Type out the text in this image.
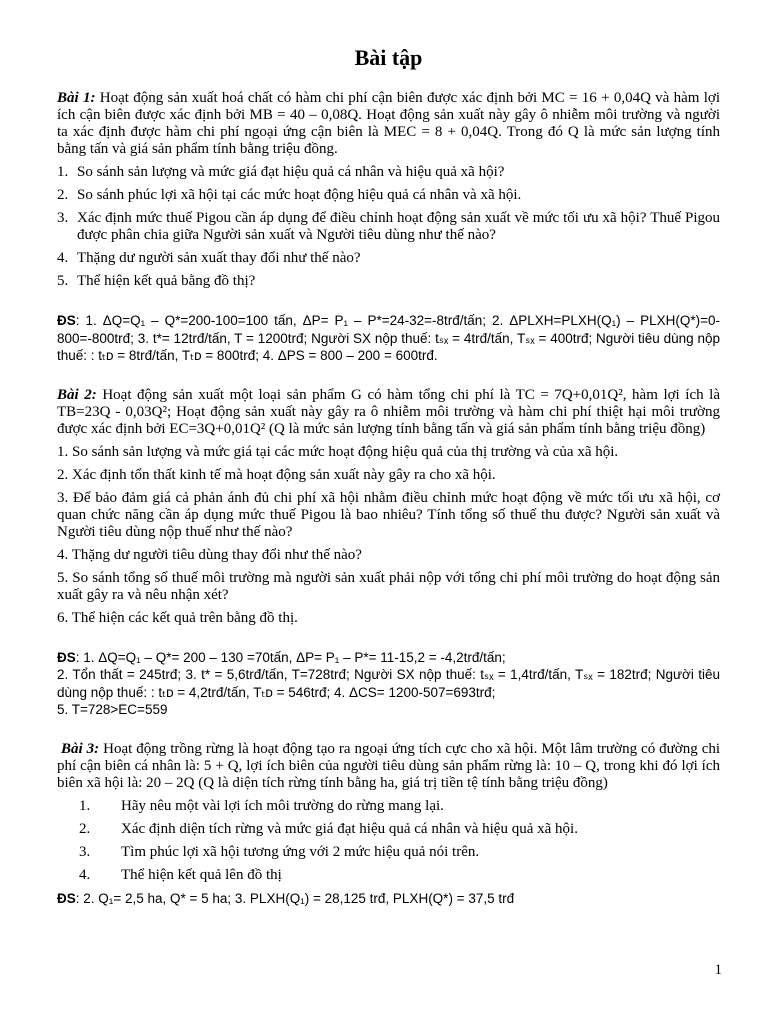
Bài tập

Bài 1: Hoạt động sản xuất hoá chất có hàm chi phí cận biên được xác định bởi MC = 16 + 0,04Q và hàm lợi ích cận biên được xác định bởi MB = 40 – 0,08Q. Hoạt động sản xuất này gây ô nhiễm môi trường và người ta xác định được hàm chi phí ngoại ứng cận biên là MEC = 8 + 0,04Q. Trong đó Q là mức sản lượng tính bằng tấn và giá sản phẩm tính bằng triệu đồng.

1. So sánh sản lượng và mức giá đạt hiệu quả cá nhân và hiệu quả xã hội?
2. So sánh phúc lợi xã hội tại các mức hoạt động hiệu quả cá nhân và xã hội.
3. Xác định mức thuế Pigou cần áp dụng để điều chỉnh hoạt động sản xuất về mức tối ưu xã hội? Thuế Pigou được phân chia giữa Người sản xuất và Người tiêu dùng như thế nào?
4. Thặng dư người sản xuất thay đổi như thế nào?
5. Thể hiện kết quả bằng đồ thị?

ĐS: 1. ΔQ=Q₁ – Q*=200-100=100 tấn, ΔP= P₁ – P*=24-32=-8trđ/tấn; 2. ΔPLXH=PLXH(Q₁) – PLXH(Q*)=0-800=-800trđ; 3. t*= 12trđ/tấn, T = 1200trđ; Người SX nộp thuế: tₛₓ = 4trđ/tấn, Tₛₓ = 400trđ; Người tiêu dùng nộp thuế: : tₜᴅ = 8trđ/tấn, Tₜᴅ = 800trđ; 4. ΔPS = 800 – 200 = 600trđ.

Bài 2: Hoạt động sản xuất một loại sản phẩm G có hàm tổng chi phí là TC = 7Q+0,01Q², hàm lợi ích là TB=23Q - 0,03Q²; Hoạt động sản xuất này gây ra ô nhiễm môi trường và hàm chi phí thiệt hại môi trường được xác định bởi EC=3Q+0,01Q² (Q là mức sản lượng tính bằng tấn và giá sản phẩm tính bằng triệu đồng)

1. So sánh sản lượng và mức giá tại các mức hoạt động hiệu quả của thị trường và của xã hội.

2. Xác định tổn thất kinh tế mà hoạt động sản xuất này gây ra cho xã hội.

3. Để bảo đảm giá cả phản ánh đủ chi phí xã hội nhằm điều chỉnh mức hoạt động về mức tối ưu xã hội, cơ quan chức năng cần áp dụng mức thuế Pigou là bao nhiêu? Tính tổng số thuế thu được? Người sản xuất và Người tiêu dùng nộp thuế như thế nào?

4. Thặng dư người tiêu dùng thay đổi như thế nào?

5. So sánh tổng số thuế môi trường mà người sản xuất phải nộp với tổng chi phí môi trường do hoạt động sản xuất gây ra và nêu nhận xét?

6. Thể hiện các kết quả trên bằng đồ thị.

ĐS: 1. ΔQ=Q₁ – Q*= 200 – 130 =70tấn, ΔP= P₁ – P*= 11-15,2 = -4,2trđ/tấn;

2. Tổn thất = 245trđ; 3. t* = 5,6trđ/tấn, T=728trđ; Người SX nộp thuế: tₛₓ = 1,4trđ/tấn, Tₛₓ = 182trđ; Người tiêu dùng nộp thuế: : tₜᴅ = 4,2trđ/tấn, Tₜᴅ = 546trđ; 4. ΔCS= 1200-507=693trđ;

5. T=728>EC=559

Bài 3: Hoạt động trồng rừng là hoạt động tạo ra ngoại ứng tích cực cho xã hội. Một lâm trường có đường chi phí cận biên cá nhân là: 5 + Q, lợi ích biên của người tiêu dùng sản phẩm rừng là: 10 – Q, trong khi đó lợi ích biên xã hội là: 20 – 2Q (Q là diện tích rừng tính bằng ha, giá trị tiền tệ tính bằng triệu đồng)

1.	Hãy nêu một vài lợi ích môi trường do rừng mang lại.
2.	Xác định diện tích rừng và mức giá đạt hiệu quả cá nhân và hiệu quả xã hội.
3.	Tìm phúc lợi xã hội tương ứng với 2 mức hiệu quả nói trên.
4.	Thể hiện kết quả lên đồ thị

ĐS: 2. Q₁= 2,5 ha, Q* = 5 ha; 3. PLXH(Q₁) = 28,125 trđ, PLXH(Q*) = 37,5 trđ

1
